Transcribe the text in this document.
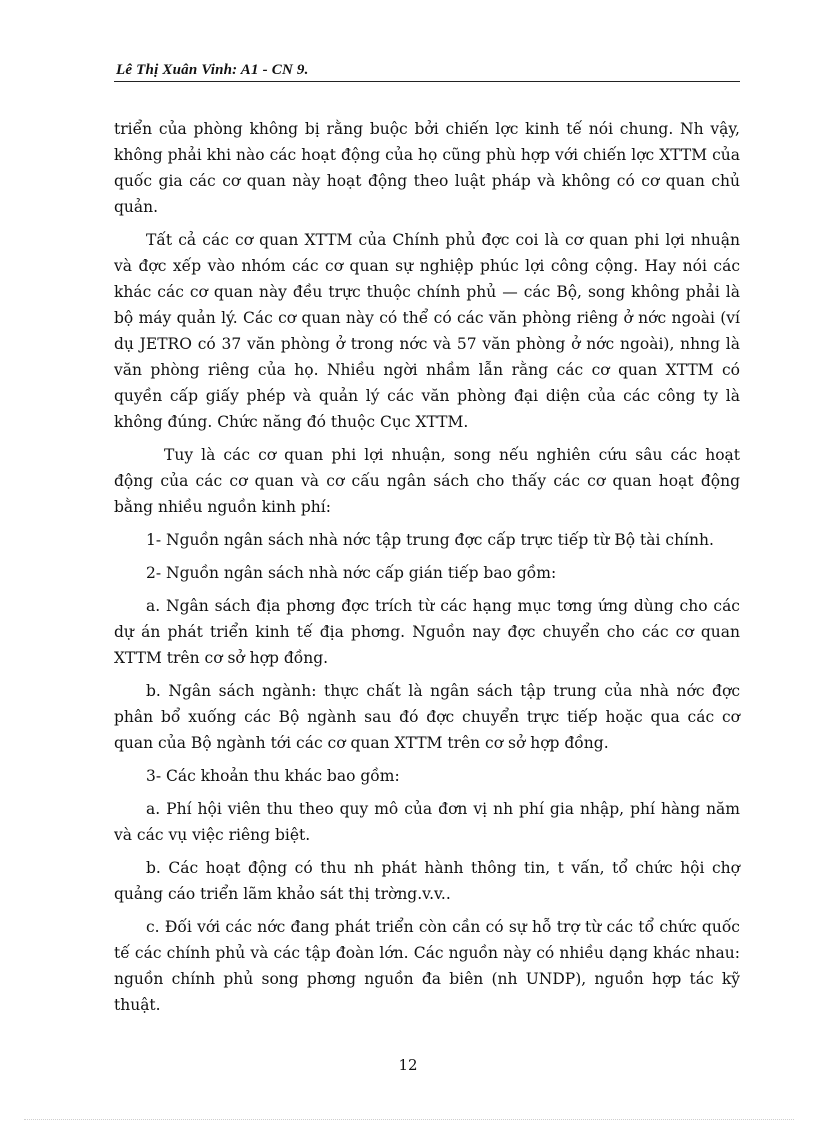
Lê Thị Xuân Vinh: A1 - CN 9.

triển của phòng không bị rằng buộc bởi chiến lợc kinh tế nói chung. Nh vậy, không phải khi nào các hoạt động của họ cũng phù hợp với chiến lợc XTTM của quốc gia các cơ quan này hoạt động theo luật pháp và không có cơ quan chủ quản.

Tất cả các cơ quan XTTM của Chính phủ đợc coi là cơ quan phi lợi nhuận và đợc xếp vào nhóm các cơ quan sự nghiệp phúc lợi công cộng. Hay nói các khác các cơ quan này đều trực thuộc chính phủ — các Bộ, song không phải là bộ máy quản lý. Các cơ quan này có thể có các văn phòng riêng ở nớc ngoài (ví dụ JETRO có 37 văn phòng ở trong nớc và 57 văn phòng ở nớc ngoài), nhng là văn phòng riêng của họ. Nhiều ngời nhầm lẫn rằng các cơ quan XTTM có quyền cấp giấy phép và quản lý các văn phòng đại diện của các công ty là không đúng. Chức năng đó thuộc Cục XTTM.

Tuy là các cơ quan phi lợi nhuận, song nếu nghiên cứu sâu các hoạt động của các cơ quan và cơ cấu ngân sách cho thấy các cơ quan hoạt động bằng nhiều nguồn kinh phí:

1- Nguồn ngân sách nhà nớc tập trung đợc cấp trực tiếp từ Bộ tài chính.

2- Nguồn ngân sách nhà nớc cấp gián tiếp bao gồm:

a. Ngân sách địa phơng đợc trích từ các hạng mục tơng ứng dùng cho các dự án phát triển kinh tế địa phơng. Nguồn nay đợc chuyển cho các cơ quan XTTM trên cơ sở hợp đồng.

b. Ngân sách ngành: thực chất là ngân sách tập trung của nhà nớc đợc phân bổ xuống các Bộ ngành sau đó đợc chuyển trực tiếp hoặc qua các cơ quan của Bộ ngành tới các cơ quan XTTM trên cơ sở hợp đồng.

3- Các khoản thu khác bao gồm:

a. Phí hội viên thu theo quy mô của đơn vị nh phí gia nhập, phí hàng năm và các vụ việc riêng biệt.

b. Các hoạt động có thu nh phát hành thông tin, t vấn, tổ chức hội chợ quảng cáo triển lãm khảo sát thị trờng.v.v..

c. Đối với các nớc đang phát triển còn cần có sự hỗ trợ từ các tổ chức quốc tế các chính phủ và các tập đoàn lớn. Các nguồn này có nhiều dạng khác nhau: nguồn chính phủ song phơng nguồn đa biên (nh UNDP), nguồn hợp tác kỹ thuật.

12
